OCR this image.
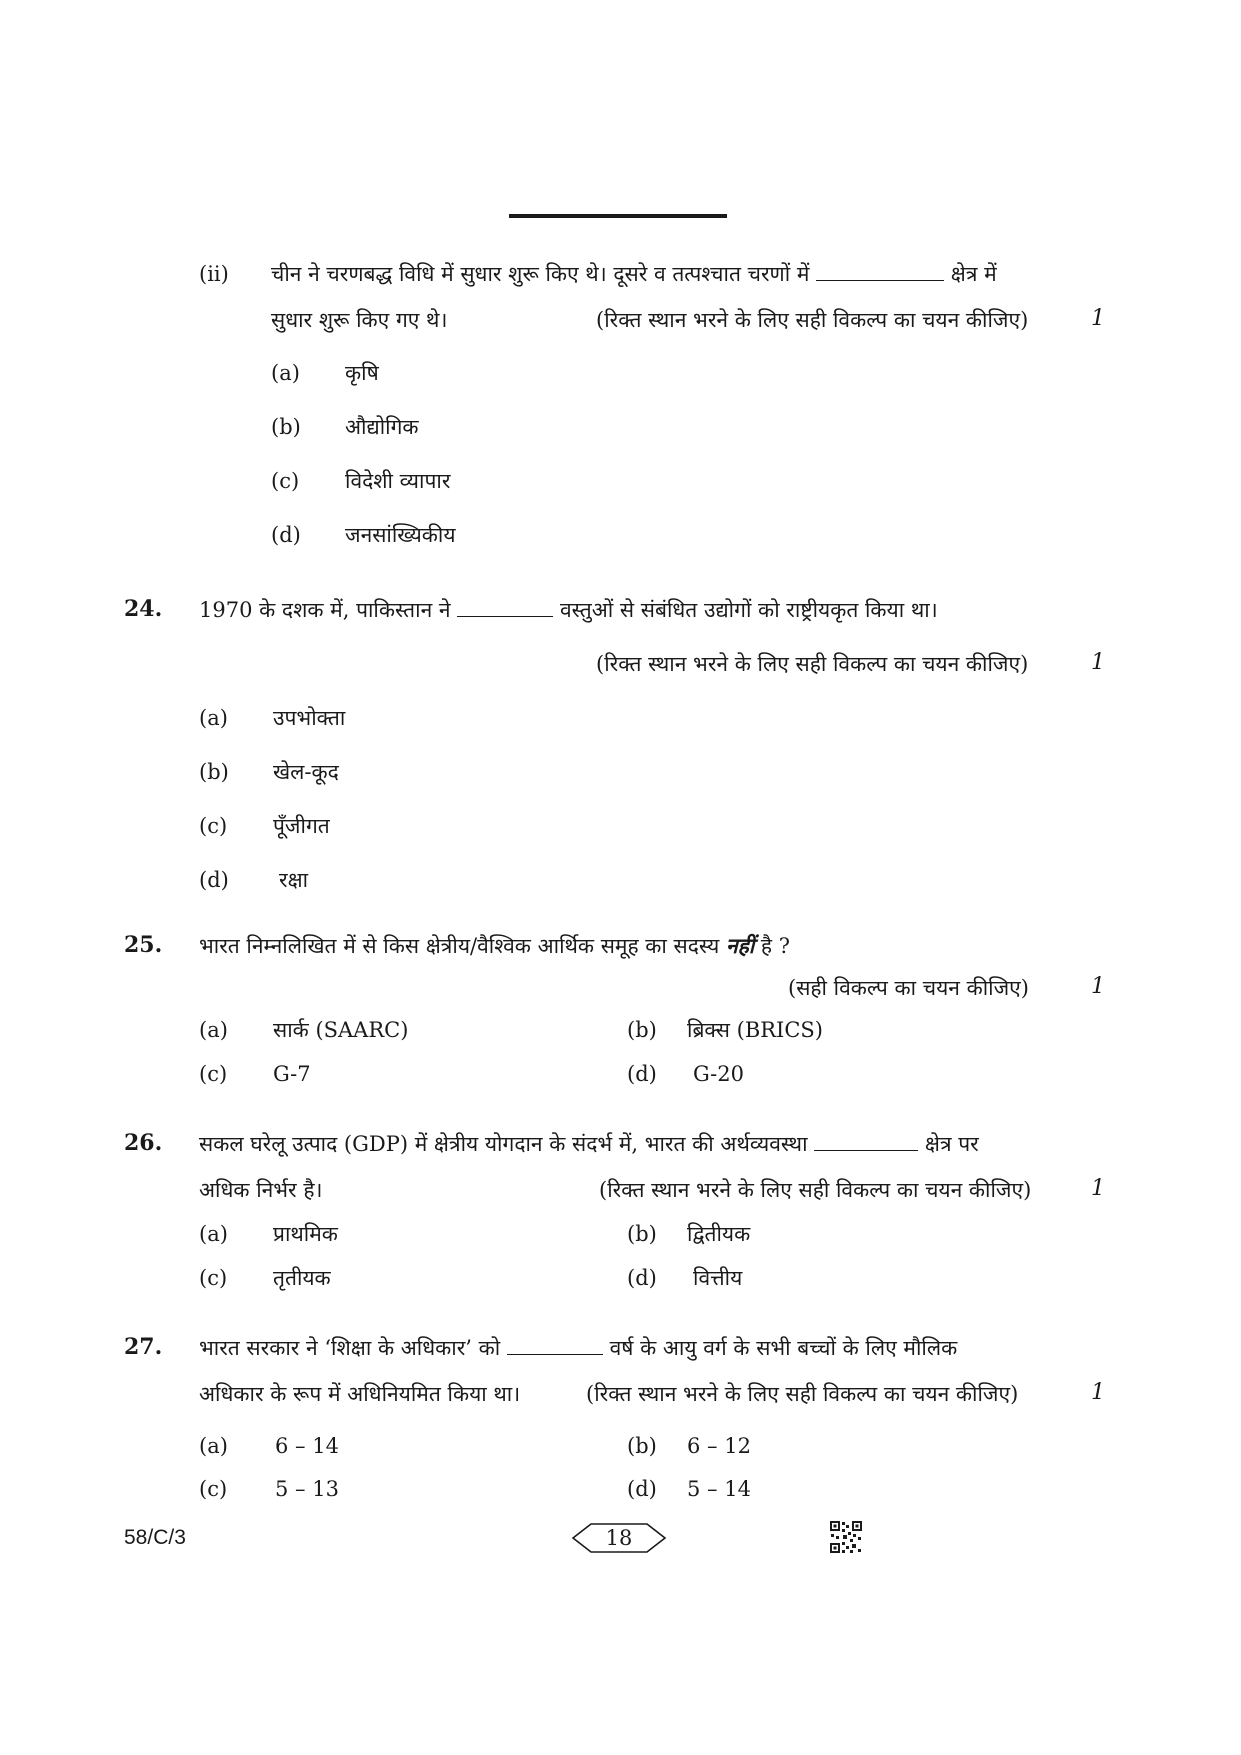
(ii) चीन ने चरणबद्ध विधि में सुधार शुरू किए थे। दूसरे व तत्पश्चात चरणों में	क्षेत्र में
सुधार शुरू किए गए थे।	(रिक्त स्थान भरने के लिए सही विकल्प का चयन कीजिए)	1
(a) कृषि
(b) औद्योगिक
(c) विदेशी व्यापार
(d) जनसांख्यिकीय
24. 1970 के दशक में, पाकिस्तान ने	वस्तुओं से संबंधित उद्योगों को राष्ट्रीयकृत किया था।
(रिक्त स्थान भरने के लिए सही विकल्प का चयन कीजिए)	1
(a) उपभोक्ता
(b) खेल-कूद
(c) पूँजीगत
(d) रक्षा
25. भारत निम्नलिखित में से किस क्षेत्रीय/वैश्विक आर्थिक समूह का सदस्य नहीं है ?
(सही विकल्प का चयन कीजिए)	1
(a) सार्क (SAARC)	(b) ब्रिक्स (BRICS)
(c) G-7	(d) G-20
26. सकल घरेलू उत्पाद (GDP) में क्षेत्रीय योगदान के संदर्भ में, भारत की अर्थव्यवस्था	क्षेत्र पर
अधिक निर्भर है।	(रिक्त स्थान भरने के लिए सही विकल्प का चयन कीजिए)	1
(a) प्राथमिक	(b) द्वितीयक
(c) तृतीयक	(d) वित्तीय
27. भारत सरकार ने ‘शिक्षा के अधिकार’ को	वर्ष के आयु वर्ग के सभी बच्चों के लिए मौलिक
अधिकार के रूप में अधिनियमित किया था।	(रिक्त स्थान भरने के लिए सही विकल्प का चयन कीजिए)	1
(a) 6 – 14	(b) 6 – 12
(c) 5 – 13	(d) 5 – 14
58/C/3	18
